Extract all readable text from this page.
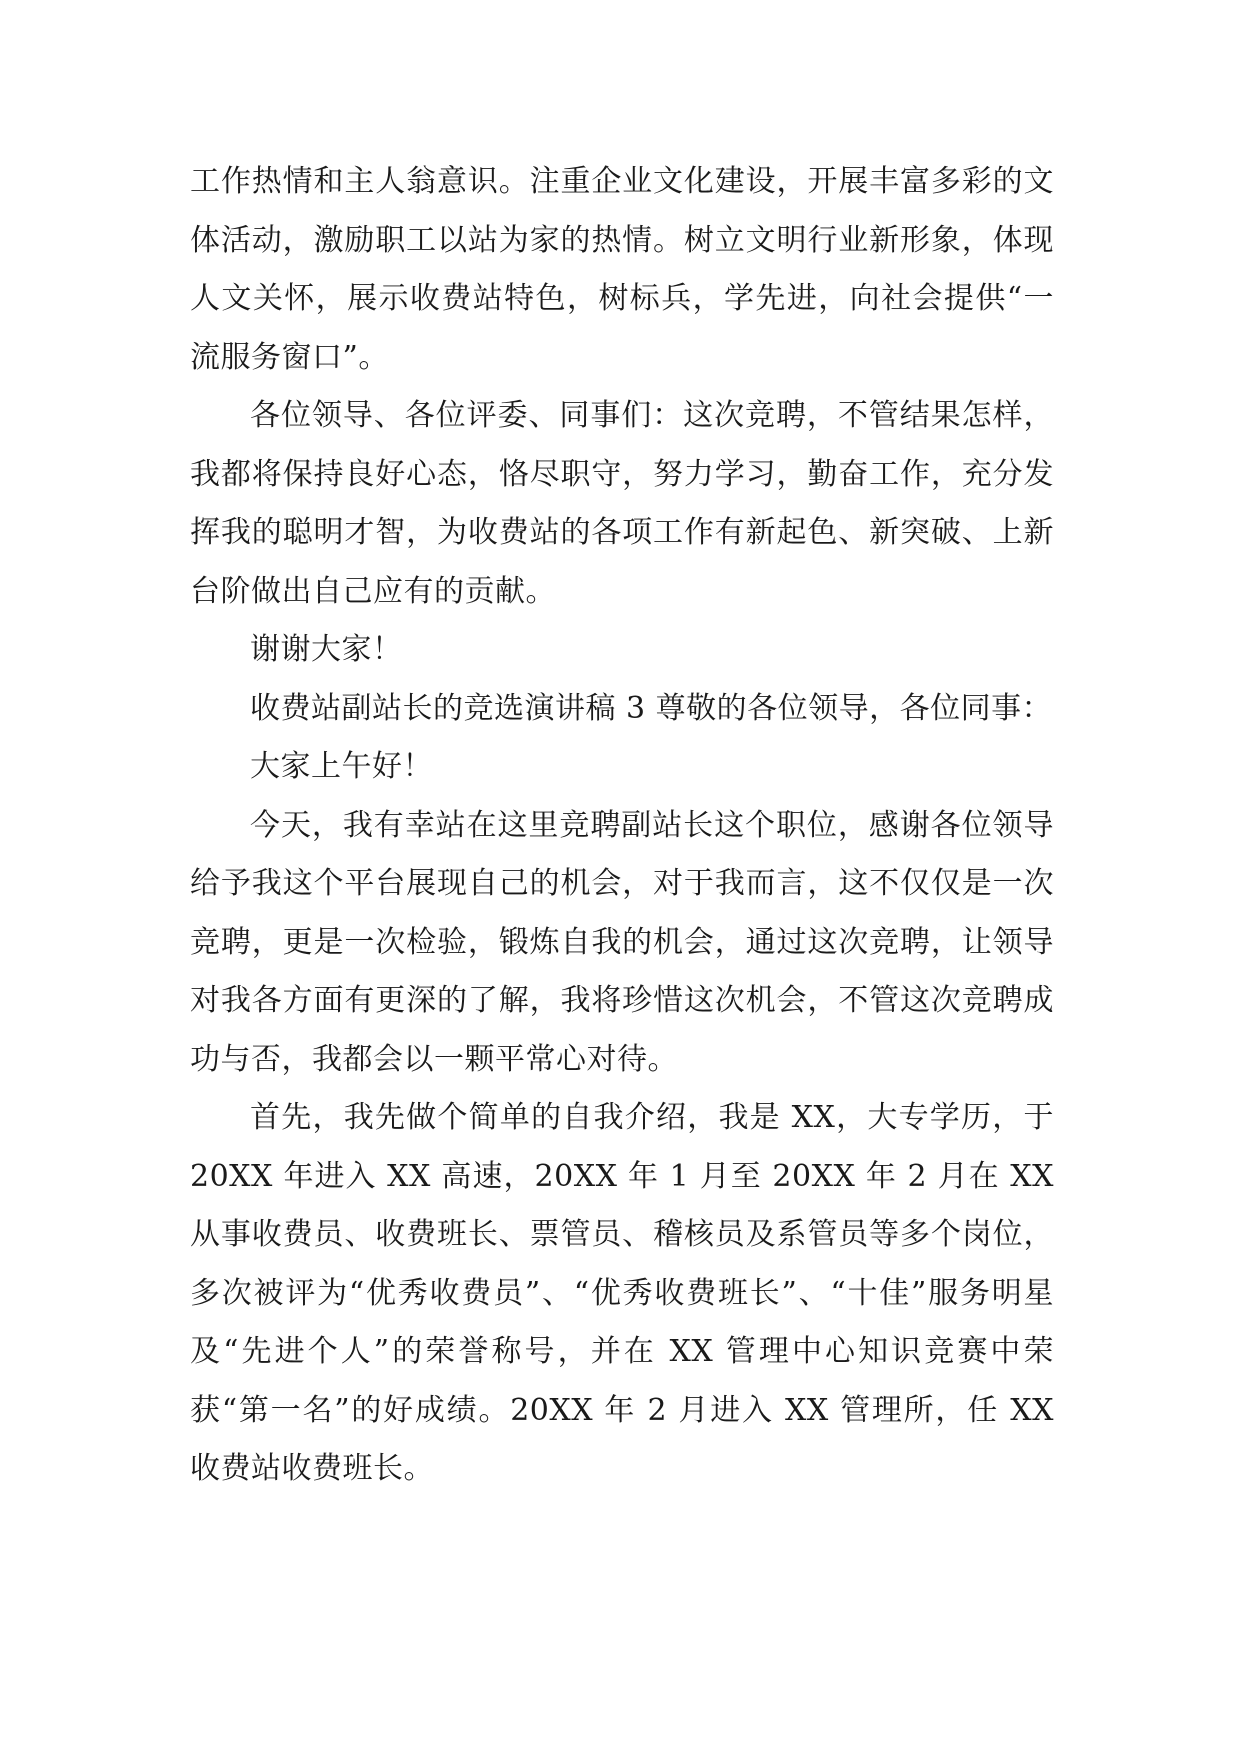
工作热情和主人翁意识。注重企业文化建设，开展丰富多彩的文体活动，激励职工以站为家的热情。树立文明行业新形象，体现人文关怀，展示收费站特色，树标兵，学先进，向社会提供“一流服务窗口”。

各位领导、各位评委、同事们：这次竞聘，不管结果怎样，我都将保持良好心态，恪尽职守，努力学习，勤奋工作，充分发挥我的聪明才智，为收费站的各项工作有新起色、新突破、上新台阶做出自己应有的贡献。

谢谢大家！

收费站副站长的竞选演讲稿 3 尊敬的各位领导，各位同事：

大家上午好！

今天，我有幸站在这里竞聘副站长这个职位，感谢各位领导给予我这个平台展现自己的机会，对于我而言，这不仅仅是一次竞聘，更是一次检验，锻炼自我的机会，通过这次竞聘，让领导对我各方面有更深的了解，我将珍惜这次机会，不管这次竞聘成功与否，我都会以一颗平常心对待。

首先，我先做个简单的自我介绍，我是 XX，大专学历，于 20XX 年进入 XX 高速，20XX 年 1 月至 20XX 年 2 月在 XX 从事收费员、收费班长、票管员、稽核员及系管员等多个岗位，多次被评为“优秀收费员”、“优秀收费班长”、“十佳”服务明星及“先进个人”的荣誉称号，并在 XX 管理中心知识竞赛中荣获“第一名”的好成绩。20XX 年 2 月进入 XX 管理所，任 XX 收费站收费班长。
